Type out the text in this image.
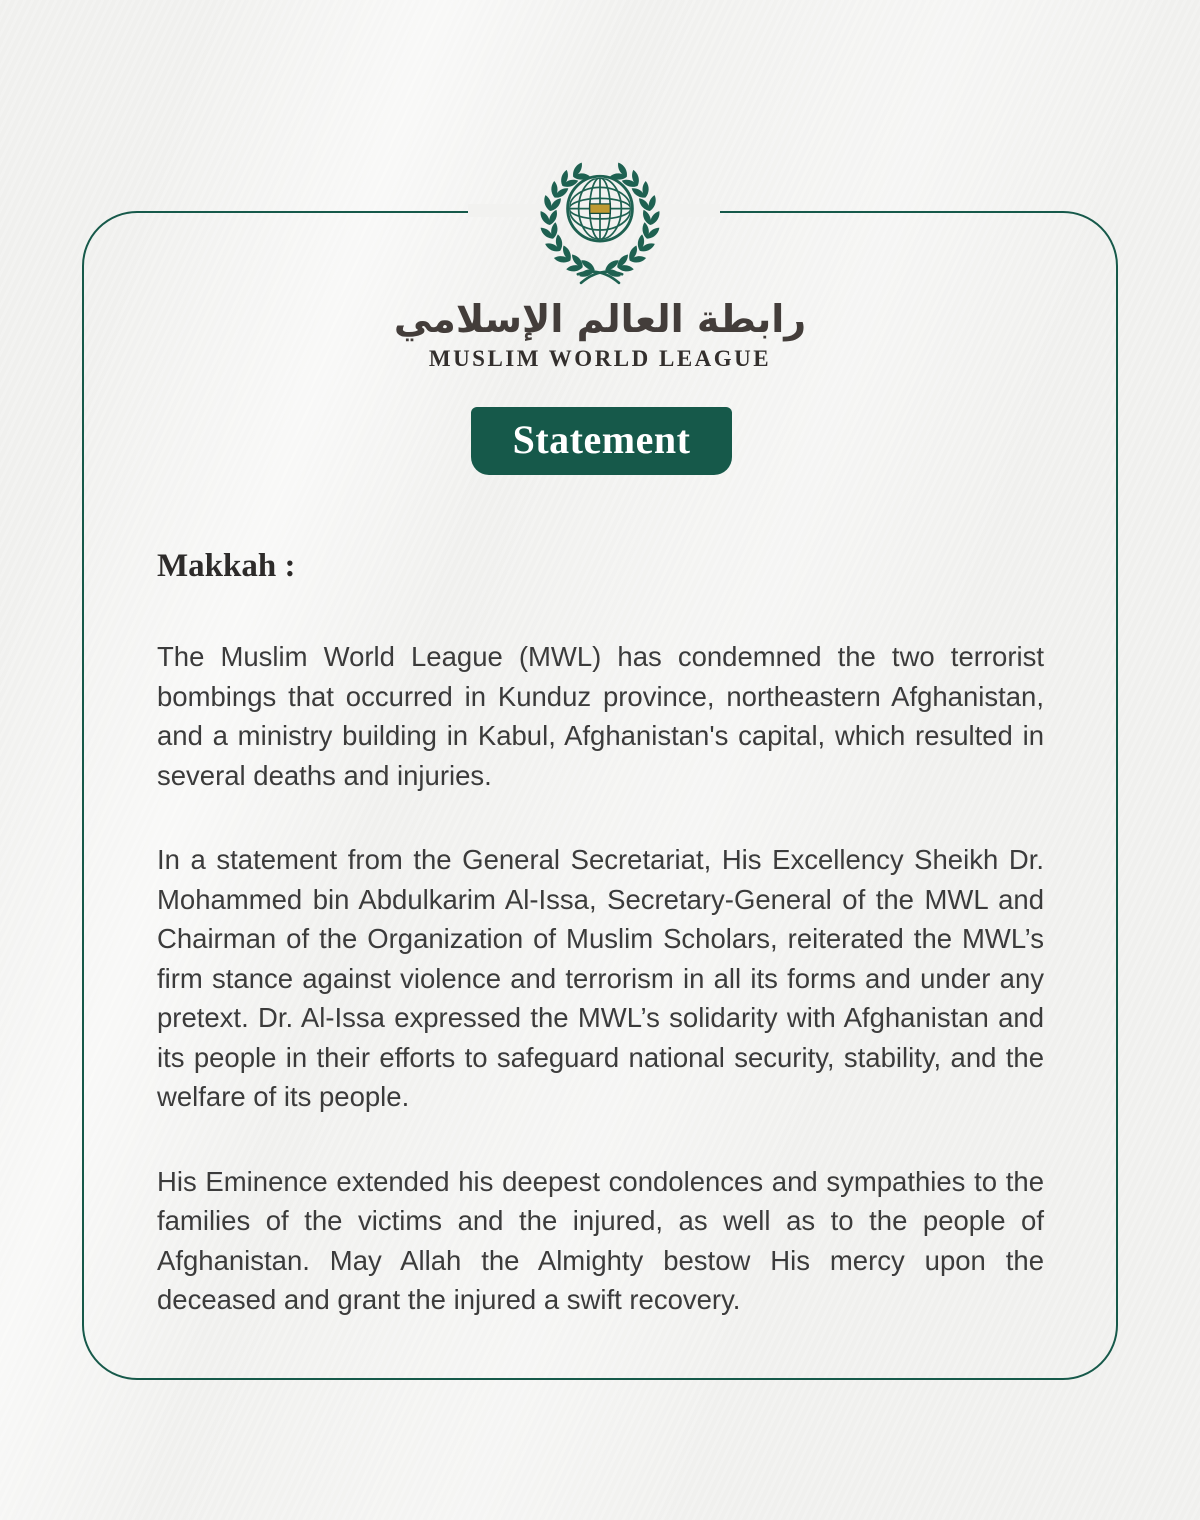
رابطة العالم الإسلامي
MUSLIM WORLD LEAGUE
Statement
Makkah :

The Muslim World League (MWL) has condemned the two terrorist bombings that occurred in Kunduz province, northeastern Afghanistan, and a ministry building in Kabul, Afghanistan's capital, which resulted in several deaths and injuries.

In a statement from the General Secretariat, His Excellency Sheikh Dr. Mohammed bin Abdulkarim Al-Issa, Secretary-General of the MWL and Chairman of the Organization of Muslim Scholars, reiterated the MWL’s firm stance against violence and terrorism in all its forms and under any pretext. Dr. Al-Issa expressed the MWL’s solidarity with Afghanistan and its people in their efforts to safeguard national security, stability, and the welfare of its people.

His Eminence extended his deepest condolences and sympathies to the families of the victims and the injured, as well as to the people of Afghanistan. May Allah the Almighty bestow His mercy upon the deceased and grant the injured a swift recovery.
